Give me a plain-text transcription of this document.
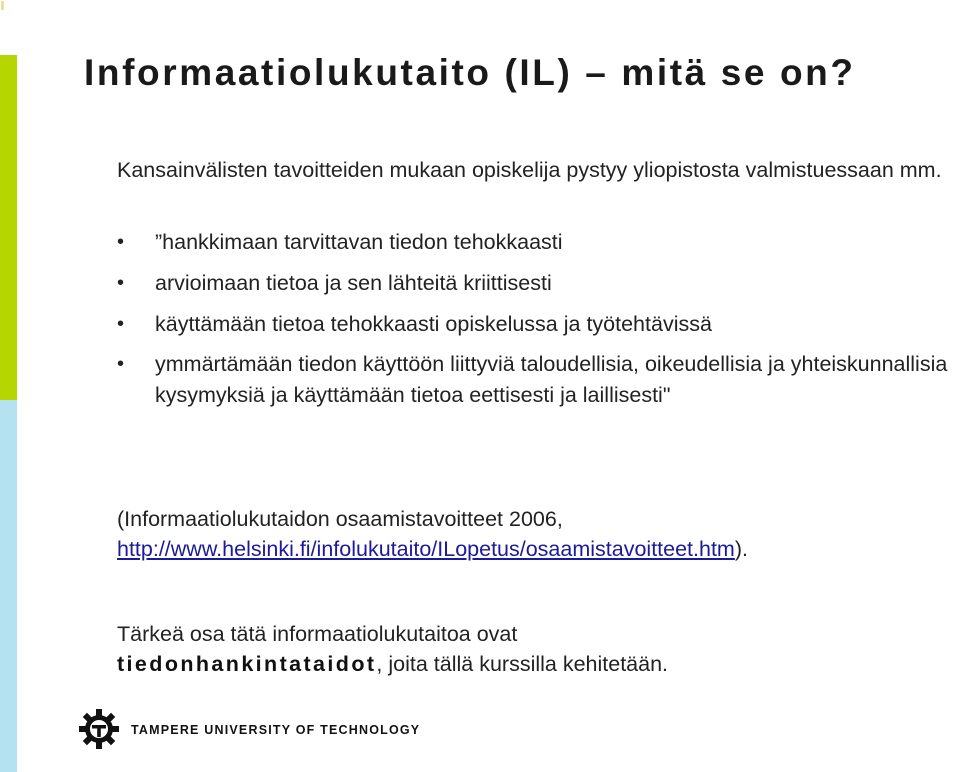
Informaatiolukutaito (IL) – mitä se on?
Kansainvälisten tavoitteiden mukaan opiskelija pystyy yliopistosta valmistuessaan mm.
• ”hankkimaan tarvittavan tiedon tehokkaasti
• arvioimaan tietoa ja sen lähteitä kriittisesti
• käyttämään tietoa tehokkaasti opiskelussa ja työtehtävissä
• ymmärtämään tiedon käyttöön liittyviä taloudellisia, oikeudellisia ja yhteiskunnallisia kysymyksiä ja käyttämään tietoa eettisesti ja laillisesti"
(Informaatiolukutaidon osaamistavoitteet 2006,
http://www.helsinki.fi/infolukutaito/ILopetus/osaamistavoitteet.htm).
Tärkeä osa tätä informaatiolukutaitoa ovat
tiedonhankintataidot, joita tällä kurssilla kehitetään.
TAMPERE UNIVERSITY OF TECHNOLOGY
